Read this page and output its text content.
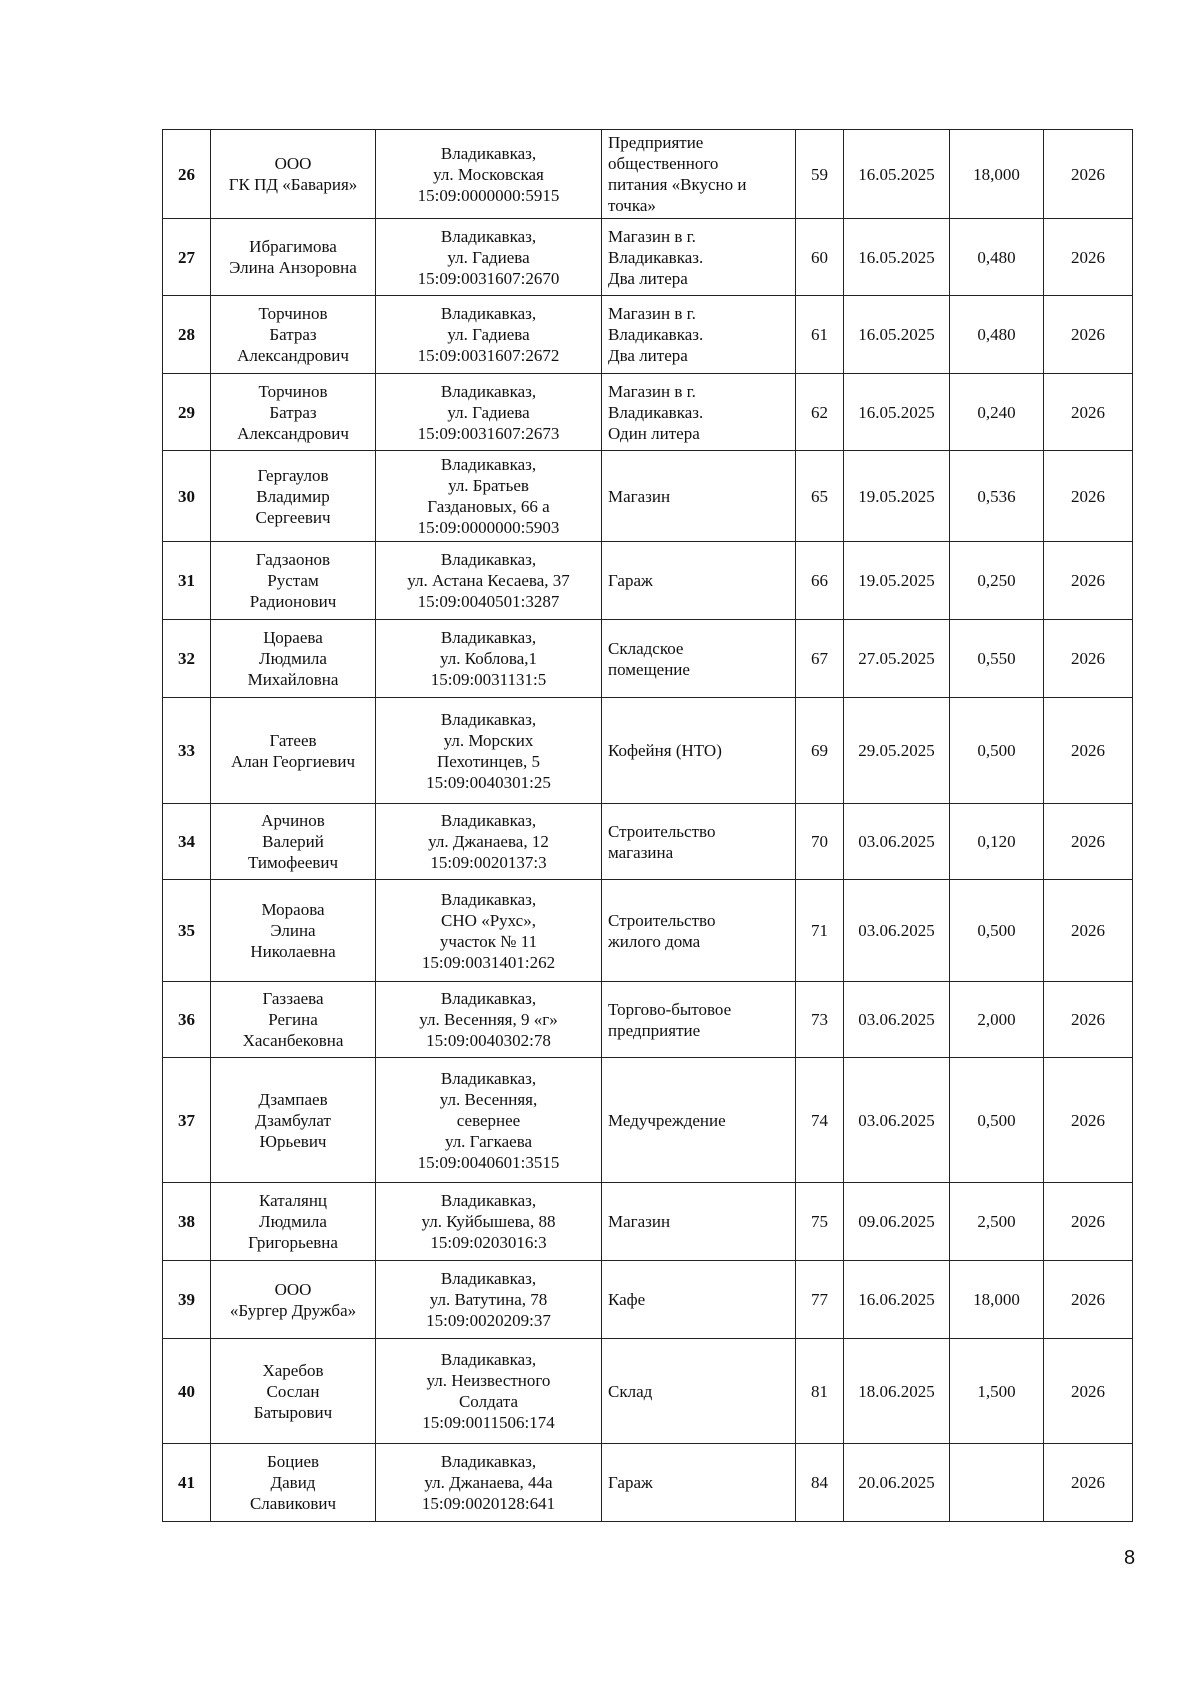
26	ООО
ГК ПД «Бавария»	Владикавказ,
ул. Московская
15:09:0000000:5915	Предприятие
общественного
питания «Вкусно и
точка»	59	16.05.2025	18,000	2026
27	Ибрагимова
Элина Анзоровна	Владикавказ,
ул. Гадиева
15:09:0031607:2670	Магазин в г.
Владикавказ.
Два литера	60	16.05.2025	0,480	2026
28	Торчинов
Батраз
Александрович	Владикавказ,
ул. Гадиева
15:09:0031607:2672	Магазин в г.
Владикавказ.
Два литера	61	16.05.2025	0,480	2026
29	Торчинов
Батраз
Александрович	Владикавказ,
ул. Гадиева
15:09:0031607:2673	Магазин в г.
Владикавказ.
Один литера	62	16.05.2025	0,240	2026
30	Гергаулов
Владимир
Сергеевич	Владикавказ,
ул. Братьев
Газдановых, 66 а
15:09:0000000:5903	Магазин	65	19.05.2025	0,536	2026
31	Гадзаонов
Рустам
Радионович	Владикавказ,
ул. Астана Кесаева, 37
15:09:0040501:3287	Гараж	66	19.05.2025	0,250	2026
32	Цораева
Людмила
Михайловна	Владикавказ,
ул. Коблова,1
15:09:0031131:5	Складское
помещение	67	27.05.2025	0,550	2026
33	Гатеев
Алан Георгиевич	Владикавказ,
ул. Морских
Пехотинцев, 5
15:09:0040301:25	Кофейня (НТО)	69	29.05.2025	0,500	2026
34	Арчинов
Валерий
Тимофеевич	Владикавказ,
ул. Джанаева, 12
15:09:0020137:3	Строительство
магазина	70	03.06.2025	0,120	2026
35	Мораова
Элина
Николаевна	Владикавказ,
СНО «Рухс»,
участок № 11
15:09:0031401:262	Строительство
жилого дома	71	03.06.2025	0,500	2026
36	Газзаева
Регина
Хасанбековна	Владикавказ,
ул. Весенняя, 9 «г»
15:09:0040302:78	Торгово-бытовое
предприятие	73	03.06.2025	2,000	2026
37	Дзампаев
Дзамбулат
Юрьевич	Владикавказ,
ул. Весенняя,
севернее
ул. Гагкаева
15:09:0040601:3515	Медучреждение	74	03.06.2025	0,500	2026
38	Каталянц
Людмила
Григорьевна	Владикавказ,
ул. Куйбышева, 88
15:09:0203016:3	Магазин	75	09.06.2025	2,500	2026
39	ООО
«Бургер Дружба»	Владикавказ,
ул. Ватутина, 78
15:09:0020209:37	Кафе	77	16.06.2025	18,000	2026
40	Харебов
Сослан
Батырович	Владикавказ,
ул. Неизвестного
Солдата
15:09:0011506:174	Склад	81	18.06.2025	1,500	2026
41	Боциев
Давид
Славикович	Владикавказ,
ул. Джанаева, 44а
15:09:0020128:641	Гараж	84	20.06.2025		2026
8
